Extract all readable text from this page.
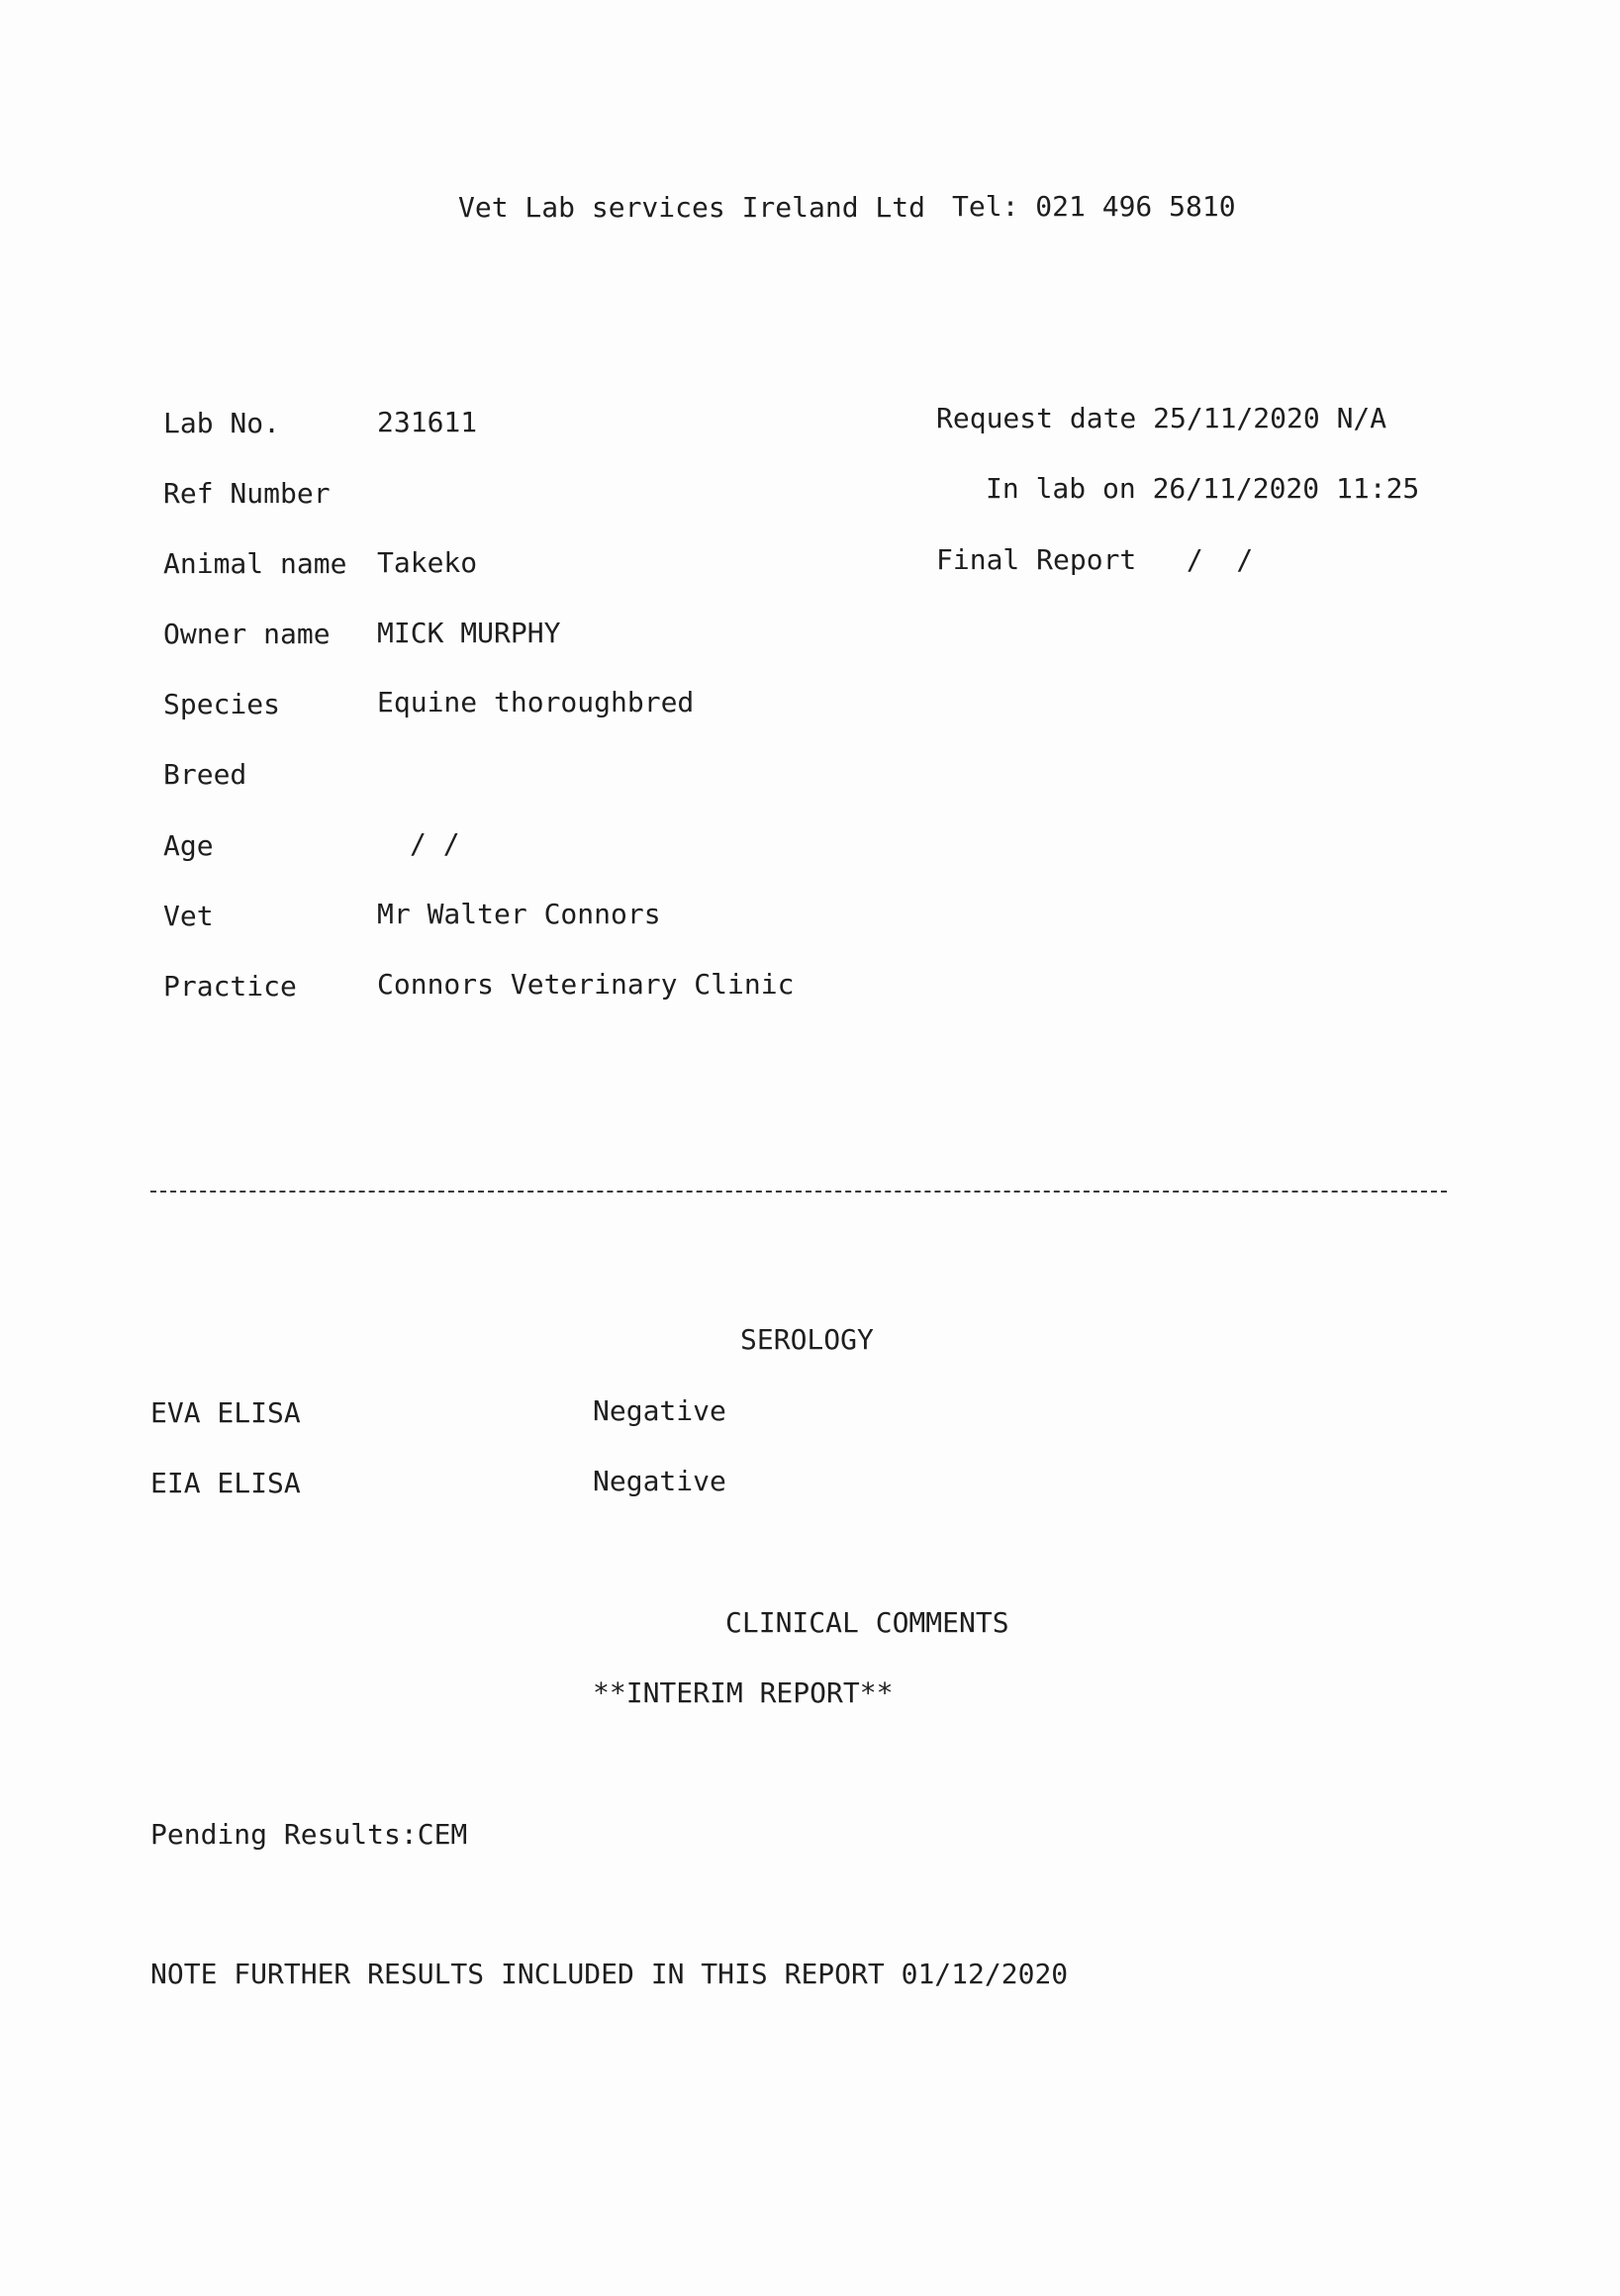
Vet Lab services Ireland Ltd Tel: 021 496 5810
Lab No.	231611
Ref Number
Animal name Takeko
Owner name MICK MURPHY
Species	Equine thoroughbred
Breed
Age	/ /
Vet	Mr Walter Connors
Practice	Connors Veterinary Clinic
Request date 25/11/2020 N/A
In lab on 26/11/2020 11:25
Final Report   /  /
SEROLOGY
EVA ELISA	Negative
EIA ELISA	Negative
CLINICAL COMMENTS
**INTERIM REPORT**
Pending Results:CEM
NOTE FURTHER RESULTS INCLUDED IN THIS REPORT 01/12/2020
